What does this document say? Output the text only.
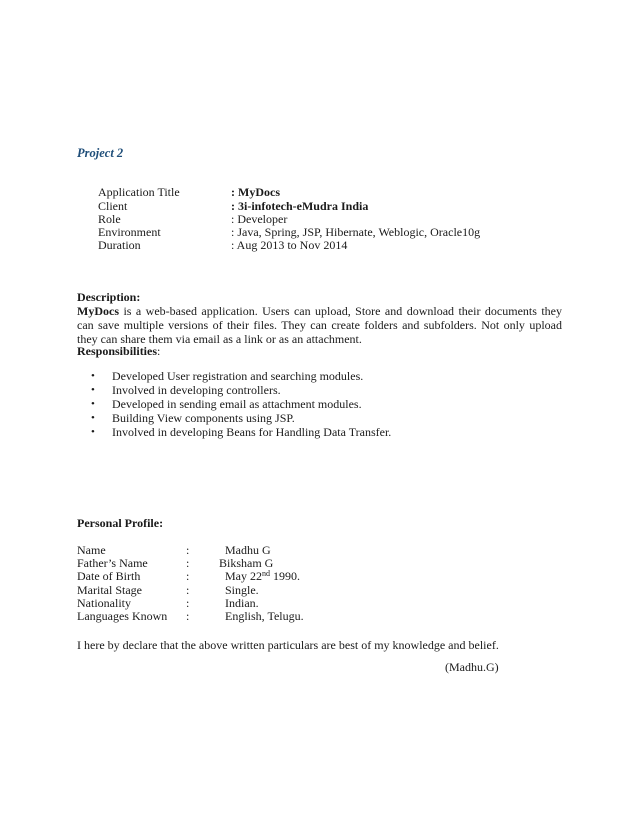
Project 2
Application Title	: MyDocs
Client	: 3i-infotech-eMudra India
Role	: Developer
Environment	: Java, Spring, JSP, Hibernate, Weblogic, Oracle10g
Duration	: Aug 2013 to Nov 2014

Description:

MyDocs is a web-based application. Users can upload, Store and download their documents they can save multiple versions of their files. They can create folders and subfolders. Not only upload they can share them via email as a link or as an attachment.

Responsibilities:
• Developed User registration and searching modules.
• Involved in developing controllers.
• Developed in sending email as attachment modules.
• Building View components using JSP.
• Involved in developing Beans for Handling Data Transfer.
Personal Profile:
Name	:	Madhu G
Father’s Name	: Biksham G
Date of Birth	:	May 22nd 1990.
Marital Stage	:	Single.
Nationality	:	Indian.
Languages Known :	English, Telugu.
I here by declare that the above written particulars are best of my knowledge and belief.
(Madhu.G)
